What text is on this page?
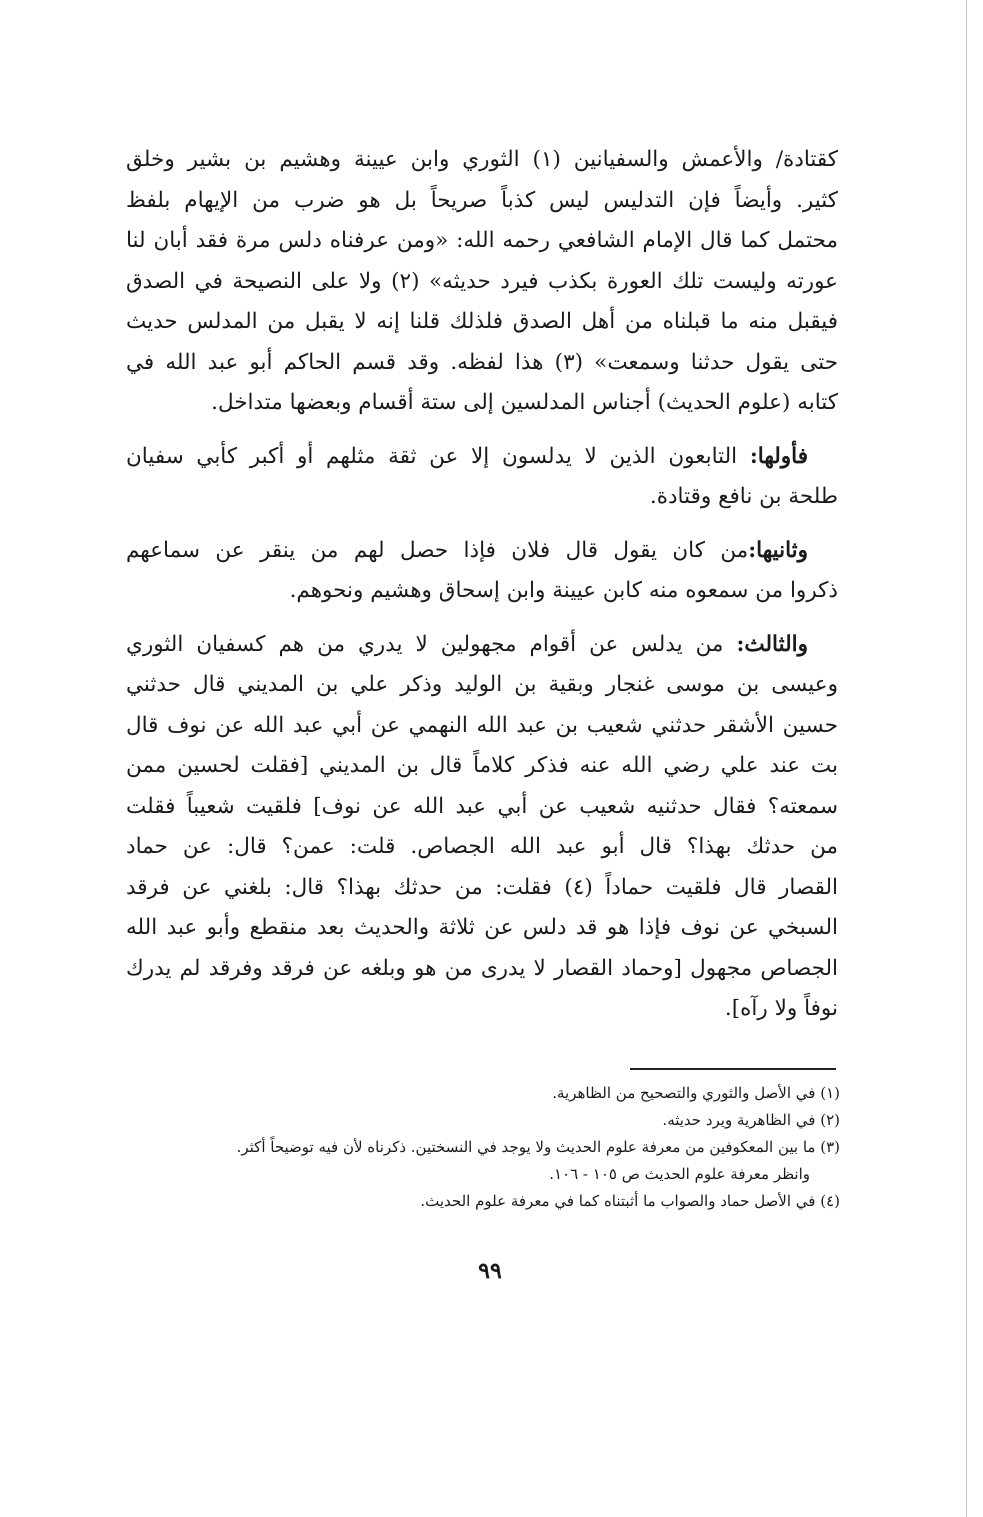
كقتادة/ والأعمش والسفيانين (١) الثوري وابن عيينة وهشيم بن بشير وخلق
كثير. وأيضاً فإن التدليس ليس كذباً صريحاً بل هو ضرب من الإيهام بلفظ
محتمل كما قال الإمام الشافعي رحمه الله: «ومن عرفناه دلس مرة فقد أبان لنا
عورته وليست تلك العورة بكذب فيرد حديثه» (٢) ولا على النصيحة في الصدق
فيقبل منه ما قبلناه من أهل الصدق فلذلك قلنا إنه لا يقبل من المدلس حديث
حتى يقول حدثنا وسمعت» (٣) هذا لفظه. وقد قسم الحاكم أبو عبد الله في
كتابه (علوم الحديث) أجناس المدلسين إلى ستة أقسام وبعضها متداخل.
فأولها: التابعون الذين لا يدلسون إلا عن ثقة مثلهم أو أكبر كأبي سفيان
طلحة بن نافع وقتادة.
وثانيها:من كان يقول قال فلان فإذا حصل لهم من ينقر عن سماعهم
ذكروا من سمعوه منه كابن عيينة وابن إسحاق وهشيم ونحوهم.
والثالث: من يدلس عن أقوام مجهولين لا يدري من هم كسفيان الثوري
وعيسى بن موسى غنجار وبقية بن الوليد وذكر علي بن المديني قال حدثني
حسين الأشقر حدثني شعيب بن عبد الله النهمي عن أبي عبد الله عن نوف قال
بت عند علي رضي الله عنه فذكر كلاماً قال بن المديني [فقلت لحسين ممن
سمعته؟ فقال حدثنيه شعيب عن أبي عبد الله عن نوف] فلقيت شعيباً فقلت
من حدثك بهذا؟ قال أبو عبد الله الجصاص. قلت: عمن؟ قال: عن حماد
القصار قال فلقيت حماداً (٤) فقلت: من حدثك بهذا؟ قال: بلغني عن فرقد
السبخي عن نوف فإذا هو قد دلس عن ثلاثة والحديث بعد منقطع وأبو عبد الله
الجصاص مجهول [وحماد القصار لا يدرى من هو وبلغه عن فرقد وفرقد لم يدرك
نوفاً ولا رآه].
(١) في الأصل والثوري والتصحيح من الظاهرية.
(٢) في الظاهرية ويرد حديثه.
(٣) ما بين المعكوفين من معرفة علوم الحديث ولا يوجد في النسختين. ذكرناه لأن فيه توضيحاً أكثر.
وانظر معرفة علوم الحديث ص ١٠٥ - ١٠٦.
(٤) في الأصل حماد والصواب ما أثبتناه كما في معرفة علوم الحديث.
٩٩
